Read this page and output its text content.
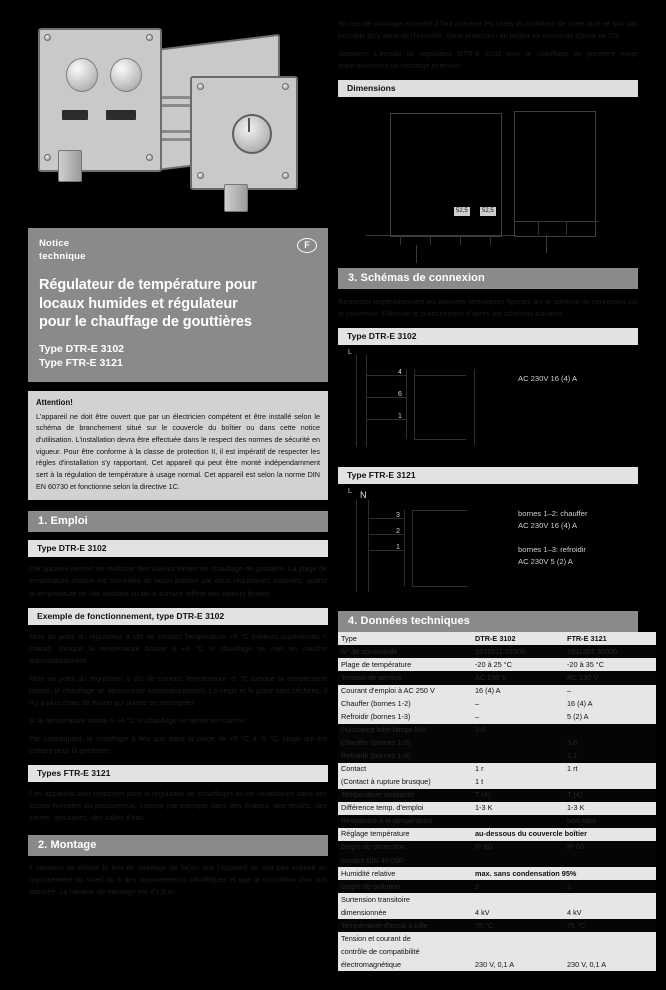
F
Notice
technique
Régulateur de température pour
locaux humides et régulateur
pour le chauffage de gouttières
Type DTR-E 3102
Type FTR-E 3121
Attention!
L'appareil ne doit être ouvert que par un électricien compétent et être installé selon le schéma de branchement situé sur le couvercle du boîtier ou dans cette notice d'utilisation. L'installation devra être effectuée dans le respect des normes de sécurité en vigueur. Pour être conforme à la classe de protection II, il est impératif de respecter les règles d'installation s'y rapportant. Cet appareil qui peut être monté indépendamment sert à la régulation de température à usage normal. Cet appareil est selon la norme DIN EN 60730 et fonctionne selon la directive 1C.
1. Emploi
Type DTR-E 3102

Cet appareil permet de maîtriser des valeurs limites de chauffage de gouttière. La plage de température choisie est surveillée de façon précise par deux régulateurs associés: quand la température de l'air ambiant ou de la surface reflète des valeurs limites.

Exemple de fonctionnement, type DTR-E 3102

Mise au point du régulateur à clic de contact Température +5 °C (valeurs supérieures = chaud), lorsque la température baisse à +4 °C le chauffage se met en marche automatiquement.

Mise au point du régulateur à clic de contact Température -5 °C lorsque la température baisse, le chauffage se déconnecte automatiquement. La neige et la glace sont séchées, il n'y a plus d'eau de fusion qui puisse se recongeler.

Si la température monte à +4 °C le chauffage se remet en marche.

Par conséquent, le chauffage à lieu que dans la plage de +5 °C à -5 °C, plage qui est critique pour la gouttière.

Types FTR-E 3121

Ces appareils sont employés pour la régulation de chauffages ou de ventilateurs dans des locaux humides ou poussiéreux, comme par exemple dans des étables, des dépôts, des serres, des caves, des salles d'eau.

2. Montage

Il convient de choisir le lieu de montage de façon que l'appareil ne soit pas exposé au rayonnement du soleil ou à des rayonnements calorifiques et que la circulation d'air soit assurée. La hauteur de montage est d'1,5 m.

En cas de montage encastré il faut prévenir les côtés du radiateur de sorte qu'il ne soit pas possible qu'y aient de l'humidité. Sans protection du boîtier sa norme de classe de I/O.

Attention! L'emploi du régulateur DTR-E 3102 pour le chauffage de gouttière exige impérativement un montage extérieur.

Dimensions
52,5	52,5
3. Schémas de connexion

Respecter impérativement les données techniques figurant sur le schéma de connexion sur le couvercle. Effectuer le branchement d'après les schémas suivants.

Type DTR-E 3102
4
6
1
L
AC 230V 16 (4) A
Type FTR-E 3121
L N
3
2
1
bornes 1–2: chauffer
AC 230V 16 (4) A
bornes 1–3: refroidir
AC 230V 5 (2) A
4. Données techniques
Type	DTR-E 3102	FTR-E 3121
N° de commande	1912011 01000	1911201 30000
Plage de température	-20 à 25 °C	-20 à 35 °C
Tension de service	AC 230 V	AC 230 V
Courant d'emploi à AC 250 V	16 (4) A	–
Chauffer (bornes 1-2)	–	16 (4) A
Refroidir (bornes 1-3)	–	5 (2) A
Puissance tube lampe kW	3,6	
Chauffer (bornes 1-2)		3,6
Refroidir (bornes 1-3)		1,1
Contact	1 r	1 rt
(Contact à rupture brusque)	1 t	
Température ambiante	T (4)	T (4)
Différence temp. d'emploi	1-3 K	1-3 K
Résistance à la température		non saisi
Réglage température	au-dessous du couvercle boîtier	
Degré de protection	IP 60	IP 60
suivant DIN 40 050		
Humidité relative	max. sans condensation 95%	
Degré de pollution	2	2
Surtension transitoire		
dimensionnée	4 kV	4 kV
Température d'essai à bille	75 °C	75 °C
Tension et courant de		
contrôle de compatibilité		
électromagnétique	230 V, 0,1 A	230 V, 0,1 A
